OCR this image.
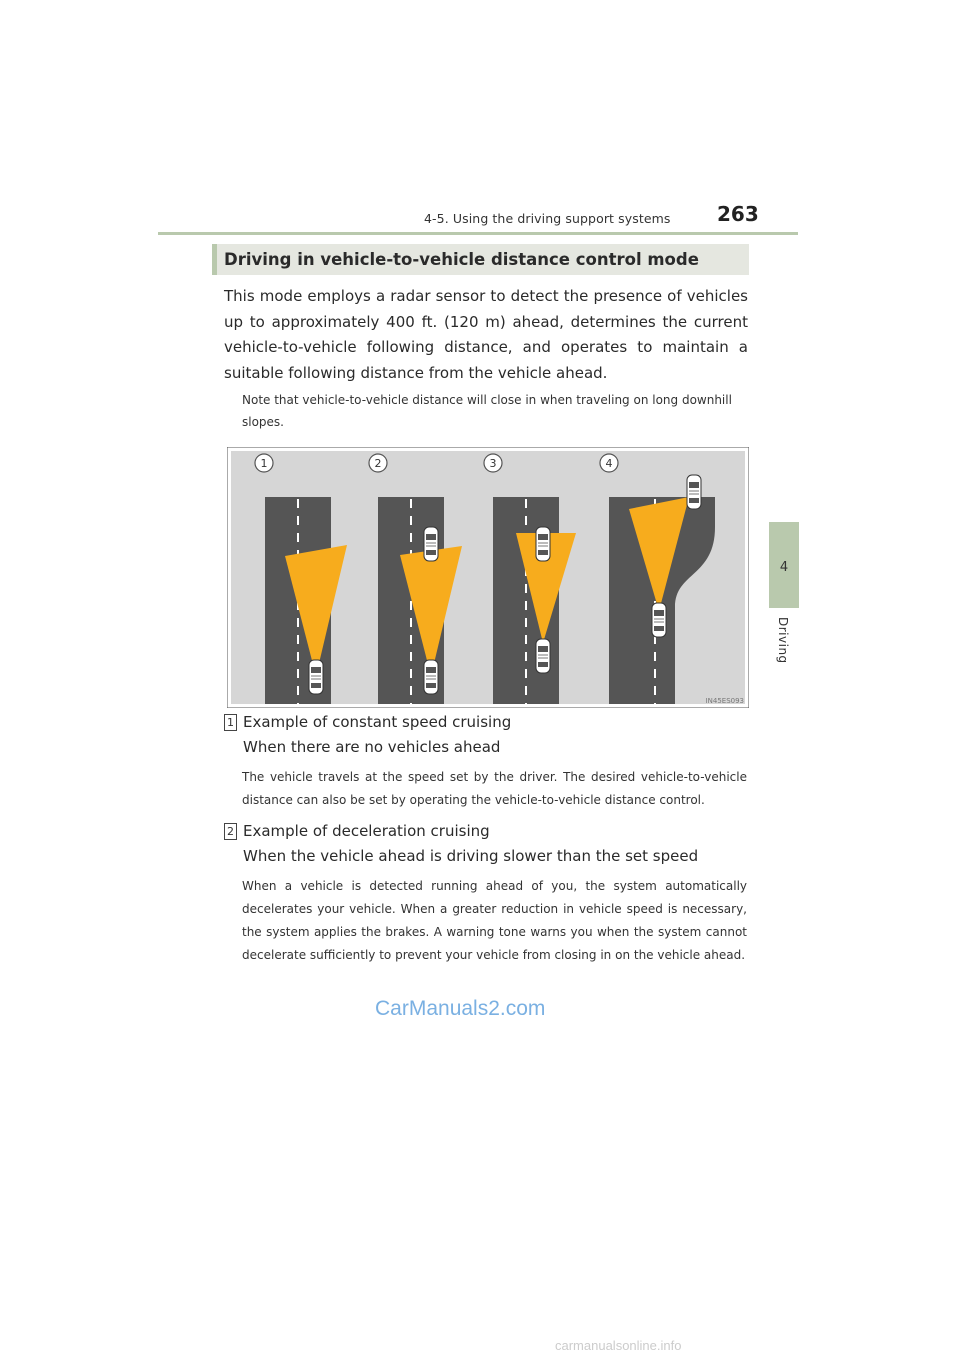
4-5. Using the driving support systems 263
4
Driving
Driving in vehicle-to-vehicle distance control mode
This mode employs a radar sensor to detect the presence of vehicles up to approximately 400 ft. (120 m) ahead, determines the current vehicle-to-vehicle following distance, and operates to maintain a suitable following distance from the vehicle ahead.
Note that vehicle-to-vehicle distance will close in when traveling on long downhill slopes.
1	2	3	4
IN45ES093
1 Example of constant speed cruising
When there are no vehicles ahead
The vehicle travels at the speed set by the driver. The desired vehicle-to-vehicle distance can also be set by operating the vehicle-to-vehicle distance control.
2 Example of deceleration cruising
When the vehicle ahead is driving slower than the set speed
When a vehicle is detected running ahead of you, the system automatically decelerates your vehicle. When a greater reduction in vehicle speed is necessary, the system applies the brakes. A warning tone warns you when the system cannot decelerate sufficiently to prevent your vehicle from closing in on the vehicle ahead.
CarManuals2.com
carmanualsonline.info
